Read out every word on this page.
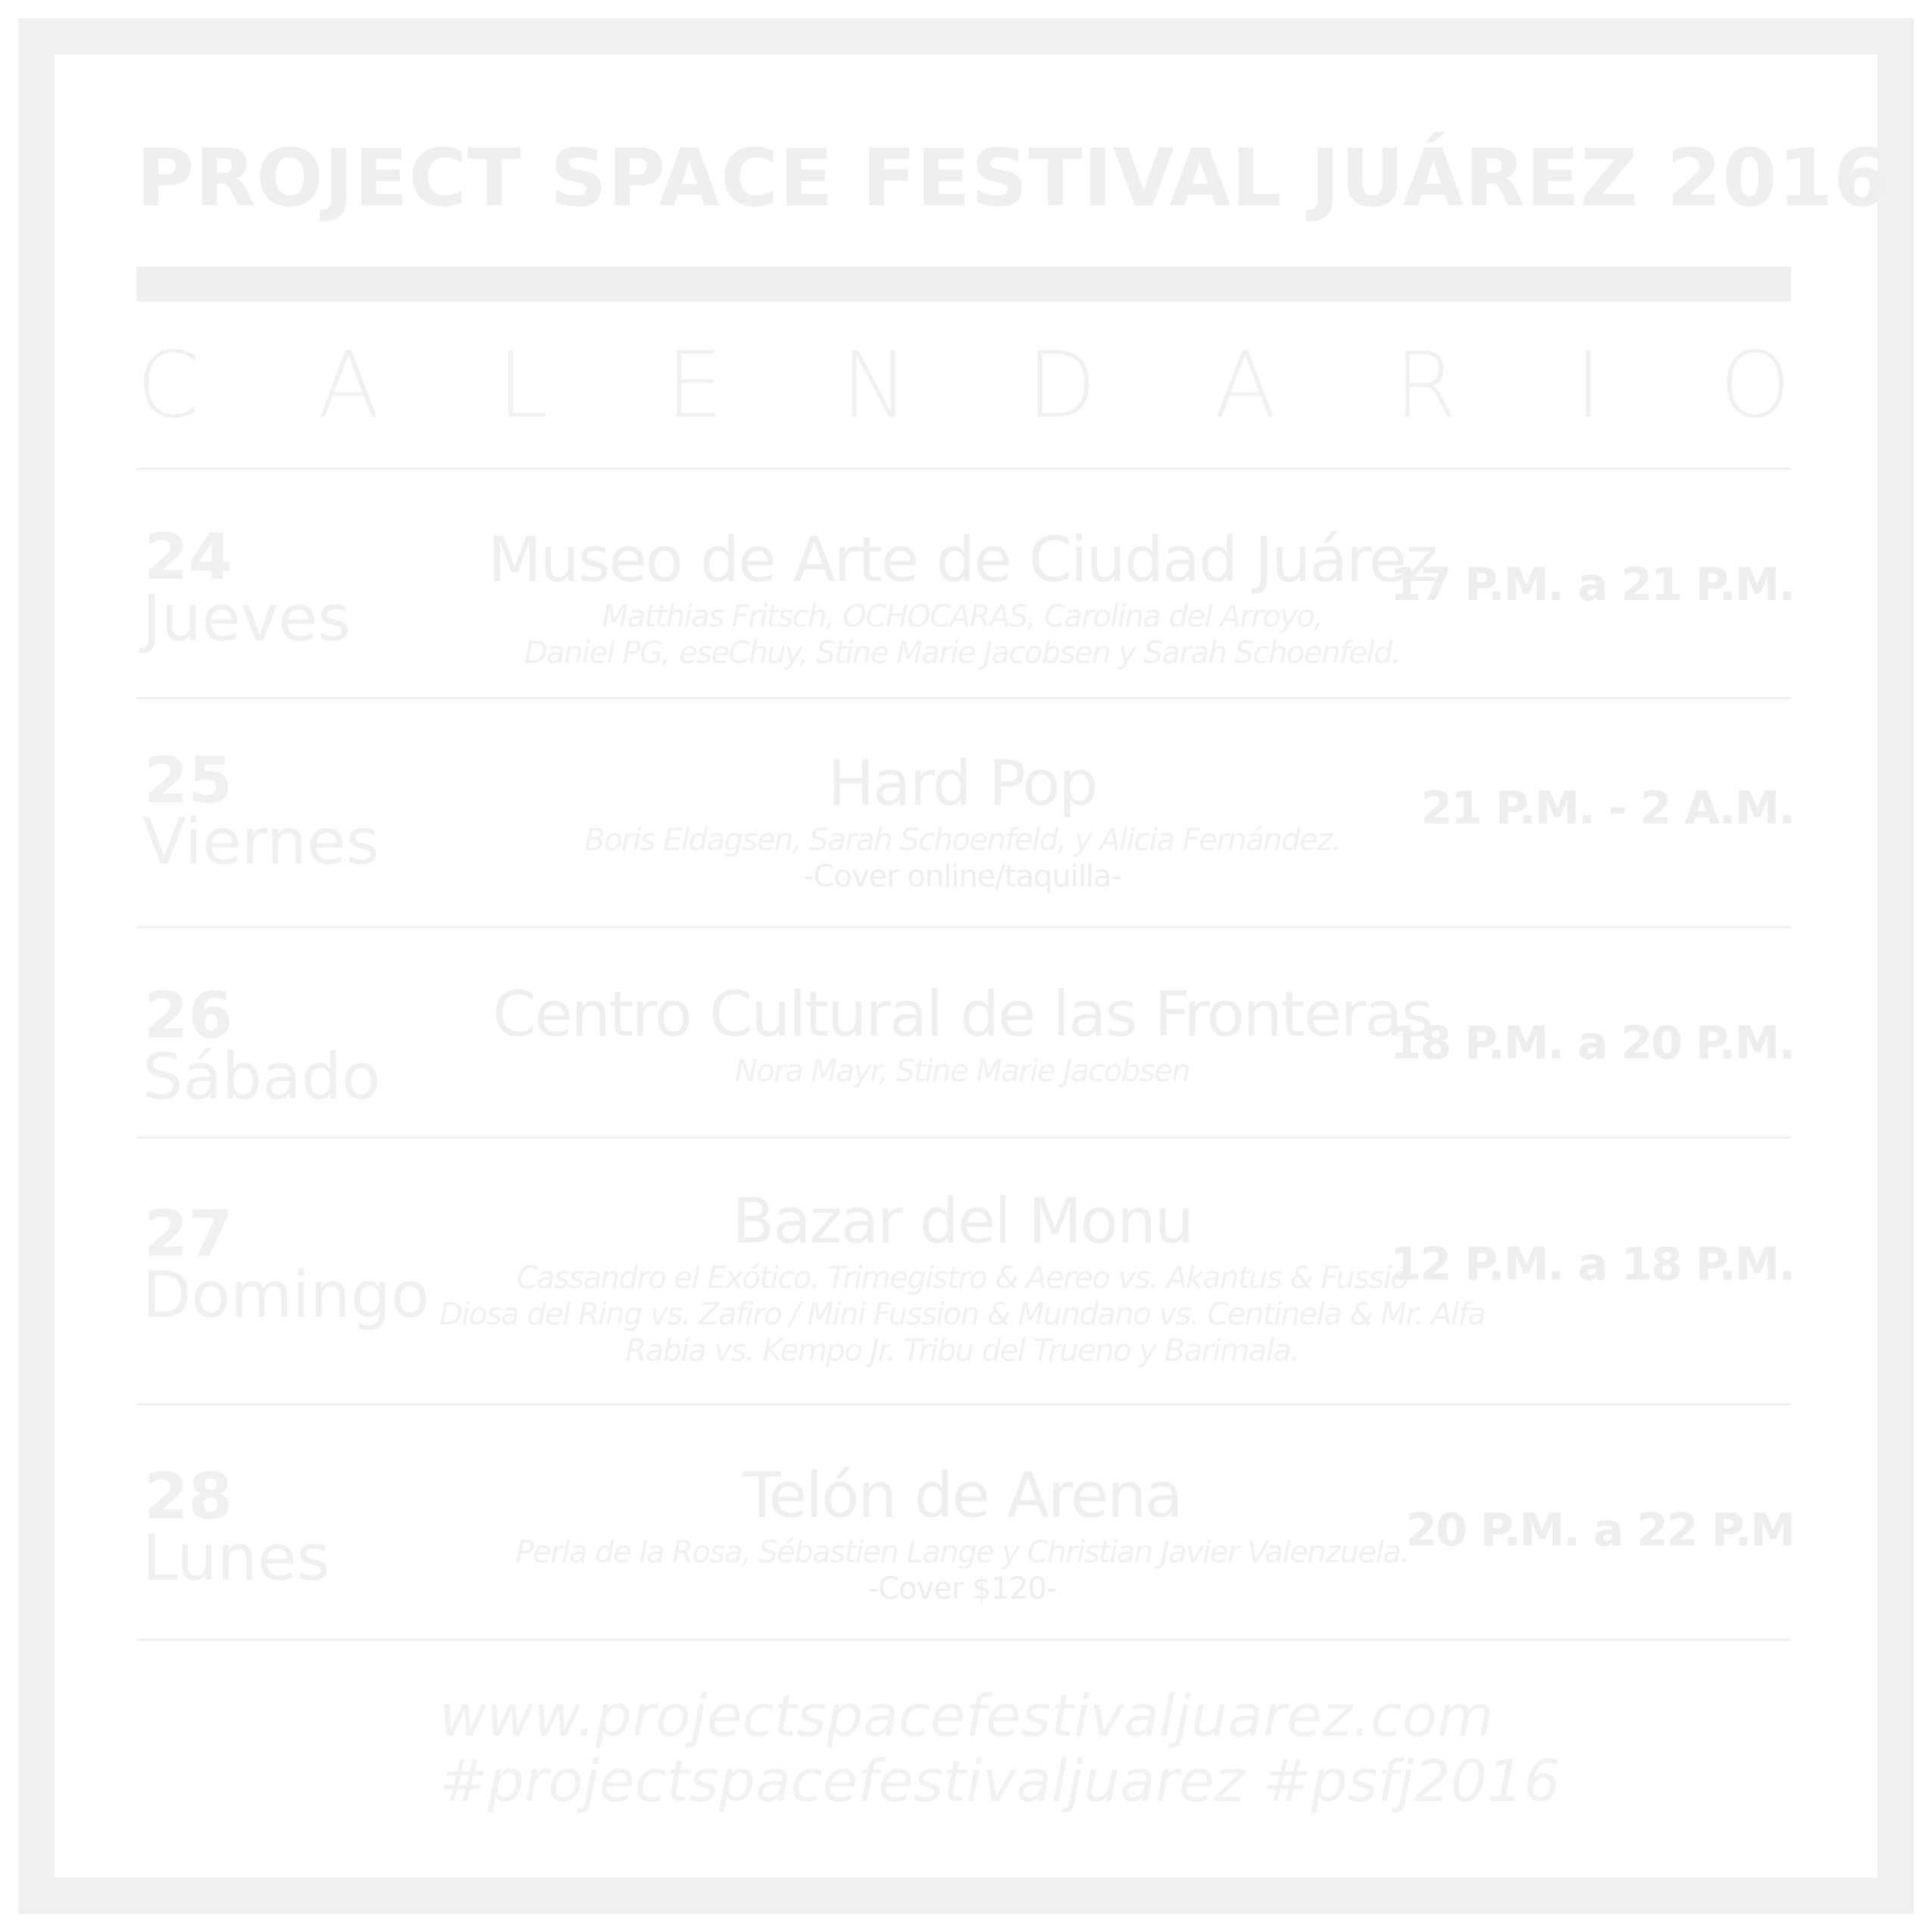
PROJECT SPACE FESTIVAL JUÁREZ 2016
C A L E N D A R I O
24
Jueves
Museo de Arte de Ciudad Juárez
Matthias Fritsch, OCHOCARAS, Carolina del Arroyo,
Daniel PG, eseChuy, Stine Marie Jacobsen y Sarah Schoenfeld.
17 P.M. a 21 P.M.
25
Viernes
Hard Pop
Boris Eldagsen, Sarah Schoenfeld, y Alicia Fernández.
-Cover online/taquilla-
21 P.M. - 2 A.M.
26
Sábado
Centro Cultural de las Fronteras
Nora Mayr, Stine Marie Jacobsen
18 P.M. a 20 P.M.
27
Domingo
Bazar del Monu
Cassandro el Exótico. Trimegistro & Aereo vs. Akantus & Fussio
Diosa del Ring vs. Zafiro / Mini Fussion & Mundano vs. Centinela & Mr. Alfa
Rabia vs. Kempo Jr. Tribu del Trueno y Barimala.
12 P.M. a 18 P.M.
28
Lunes
Telón de Arena
Perla de la Rosa, Sébastien Lange y Christian Javier Valenzuela.
-Cover $120-
20 P.M. a 22 P.M
www.projectspacefestivaljuarez.com
#projectspacefestivaljuarez #psfj2016
